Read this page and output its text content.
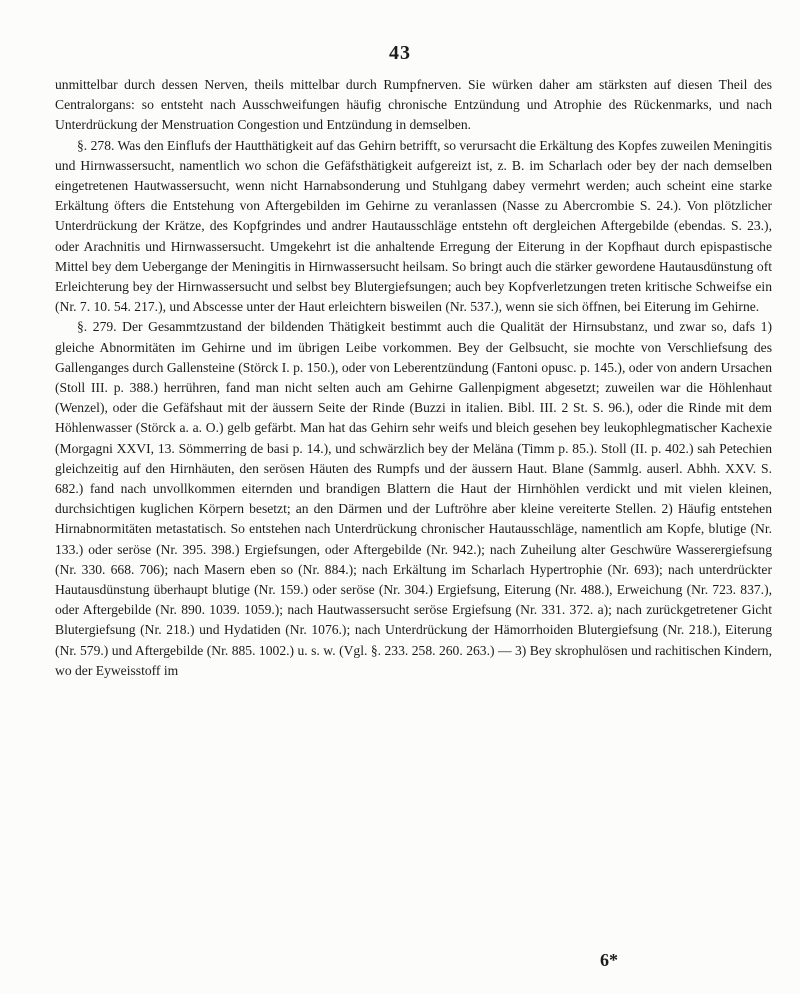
43

unmittelbar durch dessen Nerven, theils mittelbar durch Rumpfnerven. Sie würken daher am stärksten auf diesen Theil des Centralorgans: so entsteht nach Ausschweifungen häufig chronische Entzündung und Atrophie des Rückenmarks, und nach Unterdrückung der Menstruation Congestion und Entzündung in demselben.

§. 278. Was den Einflufs der Hautthätigkeit auf das Gehirn betrifft, so verursacht die Erkältung des Kopfes zuweilen Meningitis und Hirnwassersucht, namentlich wo schon die Gefäfsthätigkeit aufgereizt ist, z. B. im Scharlach oder bey der nach demselben eingetretenen Hautwassersucht, wenn nicht Harnabsonderung und Stuhlgang dabey vermehrt werden; auch scheint eine starke Erkältung öfters die Entstehung von Aftergebilden im Gehirne zu veranlassen (Nasse zu Abercrombie S. 24.). Von plötzlicher Unterdrückung der Krätze, des Kopfgrindes und andrer Hautausschläge entstehn oft dergleichen Aftergebilde (ebendas. S. 23.), oder Arachnitis und Hirnwassersucht. Umgekehrt ist die anhaltende Erregung der Eiterung in der Kopfhaut durch epispastische Mittel bey dem Uebergange der Meningitis in Hirnwassersucht heilsam. So bringt auch die stärker gewordene Hautausdünstung oft Erleichterung bey der Hirnwassersucht und selbst bey Blutergiefsungen; auch bey Kopfverletzungen treten kritische Schweifse ein (Nr. 7. 10. 54. 217.), und Abscesse unter der Haut erleichtern bisweilen (Nr. 537.), wenn sie sich öffnen, bei Eiterung im Gehirne.

§. 279. Der Gesammtzustand der bildenden Thätigkeit bestimmt auch die Qualität der Hirnsubstanz, und zwar so, dafs 1) gleiche Abnormitäten im Gehirne und im übrigen Leibe vorkommen. Bey der Gelbsucht, sie mochte von Verschliefsung des Gallenganges durch Gallensteine (Störck I. p. 150.), oder von Leberentzündung (Fantoni opusc. p. 145.), oder von andern Ursachen (Stoll III. p. 388.) herrühren, fand man nicht selten auch am Gehirne Gallenpigment abgesetzt; zuweilen war die Höhlenhaut (Wenzel), oder die Gefäfshaut mit der äussern Seite der Rinde (Buzzi in italien. Bibl. III. 2 St. S. 96.), oder die Rinde mit dem Höhlenwasser (Störck a. a. O.) gelb gefärbt. Man hat das Gehirn sehr weifs und bleich gesehen bey leukophlegmatischer Kachexie (Morgagni XXVI, 13. Sömmerring de basi p. 14.), und schwärzlich bey der Meläna (Timm p. 85.). Stoll (II. p. 402.) sah Petechien gleichzeitig auf den Hirnhäuten, den serösen Häuten des Rumpfs und der äussern Haut. Blane (Sammlg. auserl. Abhh. XXV. S. 682.) fand nach unvollkommen eiternden und brandigen Blattern die Haut der Hirnhöhlen verdickt und mit vielen kleinen, durchsichtigen kuglichen Körpern besetzt; an den Därmen und der Luftröhre aber kleine vereiterte Stellen. 2) Häufig entstehen Hirnabnormitäten metastatisch. So entstehen nach Unterdrückung chronischer Hautausschläge, namentlich am Kopfe, blutige (Nr. 133.) oder seröse (Nr. 395. 398.) Ergiefsungen, oder Aftergebilde (Nr. 942.); nach Zuheilung alter Geschwüre Wasserergiefsung (Nr. 330. 668. 706); nach Masern eben so (Nr. 884.); nach Erkältung im Scharlach Hypertrophie (Nr. 693); nach unterdrückter Hautausdünstung überhaupt blutige (Nr. 159.) oder seröse (Nr. 304.) Ergiefsung, Eiterung (Nr. 488.), Erweichung (Nr. 723. 837.), oder Aftergebilde (Nr. 890. 1039. 1059.); nach Hautwassersucht seröse Ergiefsung (Nr. 331. 372. a); nach zurückgetretener Gicht Blutergiefsung (Nr. 218.) und Hydatiden (Nr. 1076.); nach Unterdrückung der Hämorrhoiden Blutergiefsung (Nr. 218.), Eiterung (Nr. 579.) und Aftergebilde (Nr. 885. 1002.) u. s. w. (Vgl. §. 233. 258. 260. 263.) — 3) Bey skrophulösen und rachitischen Kindern, wo der Eyweisstoff im

6*
